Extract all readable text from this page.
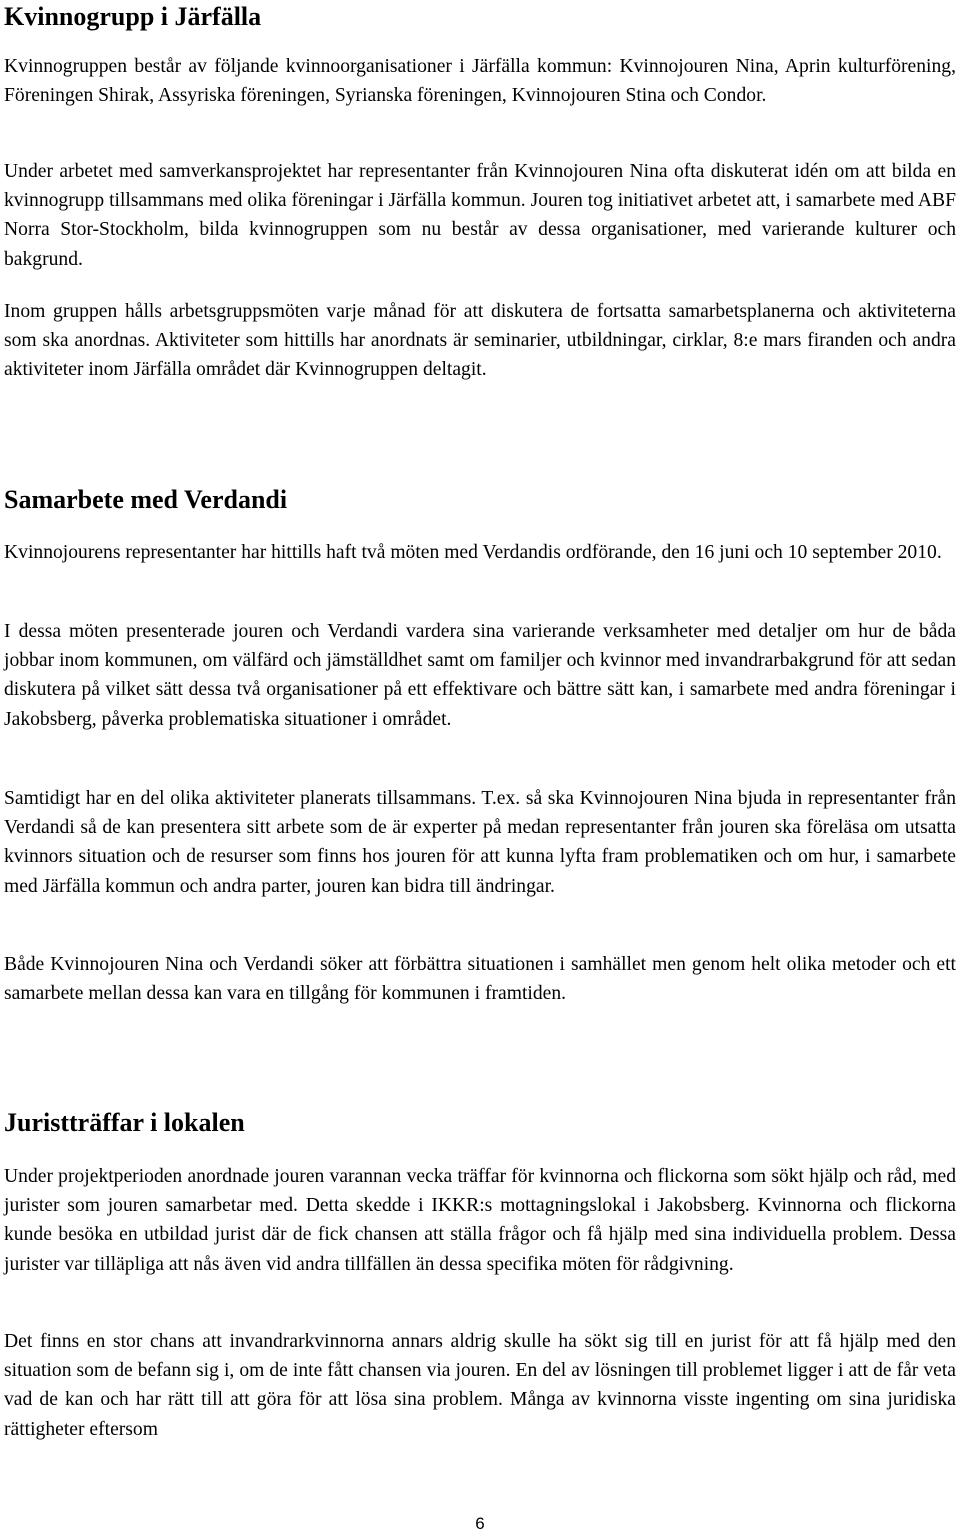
Kvinnogrupp i Järfälla

Kvinnogruppen består av följande kvinnoorganisationer i Järfälla kommun: Kvinnojouren Nina, Aprin kulturförening, Föreningen Shirak, Assyriska föreningen, Syrianska föreningen, Kvinnojouren Stina och Condor.

Under arbetet med samverkansprojektet har representanter från Kvinnojouren Nina ofta diskuterat idén om att bilda en kvinnogrupp tillsammans med olika föreningar i Järfälla kommun. Jouren tog initiativet arbetet att, i samarbete med ABF Norra Stor-Stockholm, bilda kvinnogruppen som nu består av dessa organisationer, med varierande kulturer och bakgrund.

Inom gruppen hålls arbetsgruppsmöten varje månad för att diskutera de fortsatta samarbetsplanerna och aktiviteterna som ska anordnas. Aktiviteter som hittills har anordnats är seminarier, utbildningar, cirklar, 8:e mars firanden och andra aktiviteter inom Järfälla området där Kvinnogruppen deltagit.

Samarbete med Verdandi

Kvinnojourens representanter har hittills haft två möten med Verdandis ordförande, den 16 juni och 10 september 2010.

I dessa möten presenterade jouren och Verdandi vardera sina varierande verksamheter med detaljer om hur de båda jobbar inom kommunen, om välfärd och jämställdhet samt om familjer och kvinnor med invandrarbakgrund för att sedan diskutera på vilket sätt dessa två organisationer på ett effektivare och bättre sätt kan, i samarbete med andra föreningar i Jakobsberg, påverka problematiska situationer i området.

Samtidigt har en del olika aktiviteter planerats tillsammans. T.ex. så ska Kvinnojouren Nina bjuda in representanter från Verdandi så de kan presentera sitt arbete som de är experter på medan representanter från jouren ska föreläsa om utsatta kvinnors situation och de resurser som finns hos jouren för att kunna lyfta fram problematiken och om hur, i samarbete med Järfälla kommun och andra parter, jouren kan bidra till ändringar.

Både Kvinnojouren Nina och Verdandi söker att förbättra situationen i samhället men genom helt olika metoder och ett samarbete mellan dessa kan vara en tillgång för kommunen i framtiden.

Juristträffar i lokalen

Under projektperioden anordnade jouren varannan vecka träffar för kvinnorna och flickorna som sökt hjälp och råd, med jurister som jouren samarbetar med. Detta skedde i IKKR:s mottagningslokal i Jakobsberg. Kvinnorna och flickorna kunde besöka en utbildad jurist där de fick chansen att ställa frågor och få hjälp med sina individuella problem. Dessa jurister var tilläpliga att nås även vid andra tillfällen än dessa specifika möten för rådgivning.

Det finns en stor chans att invandrarkvinnorna annars aldrig skulle ha sökt sig till en jurist för att få hjälp med den situation som de befann sig i, om de inte fått chansen via jouren. En del av lösningen till problemet ligger i att de får veta vad de kan och har rätt till att göra för att lösa sina problem. Många av kvinnorna visste ingenting om sina juridiska rättigheter eftersom

6
